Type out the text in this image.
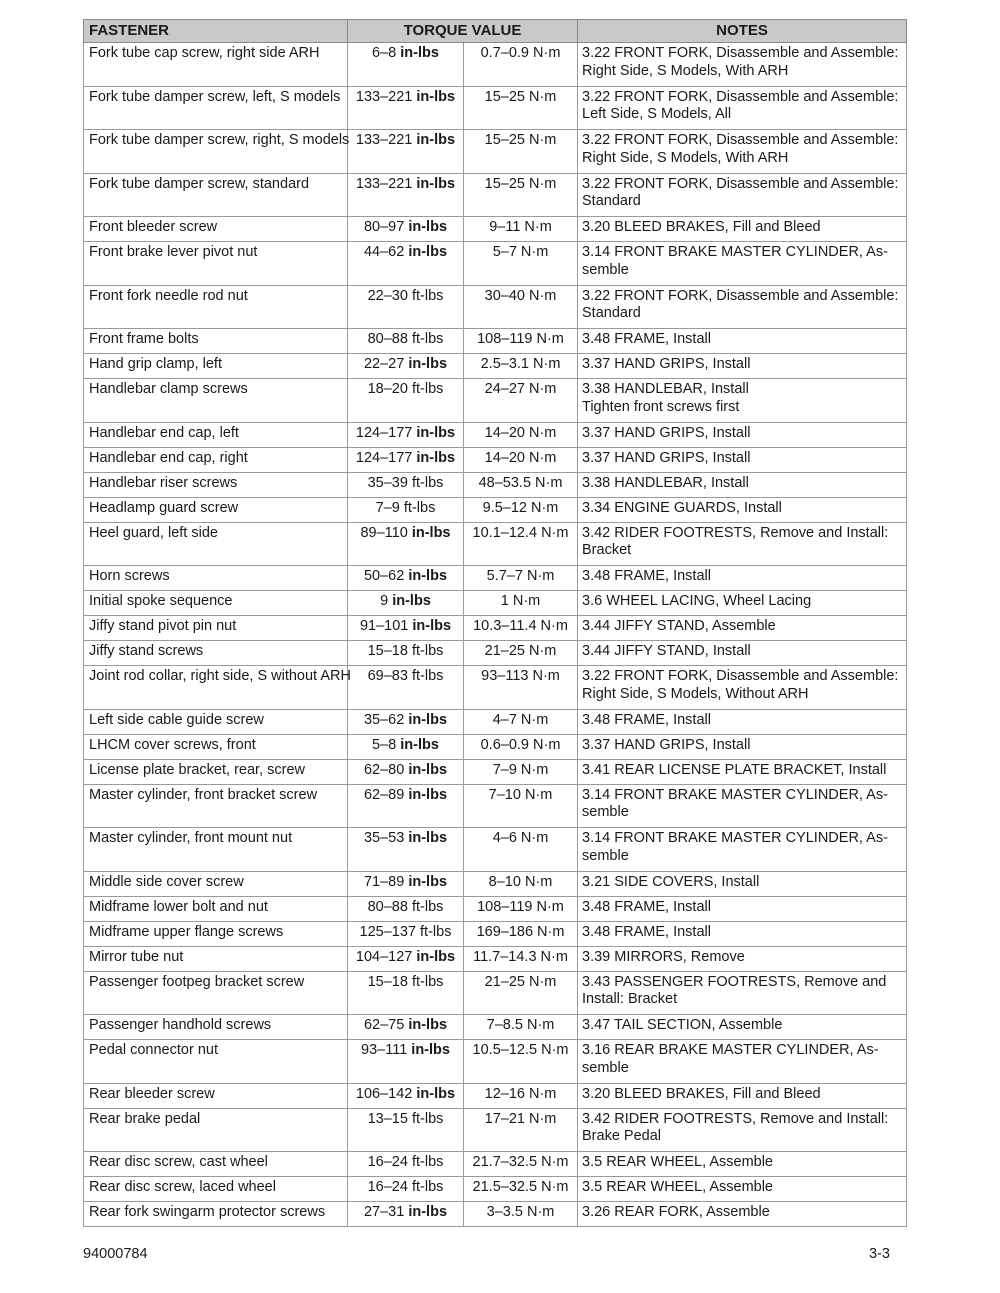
FASTENER	TORQUE VALUE		NOTES
Fork tube cap screw, right side ARH	6–8 in-lbs	0.7–0.9 N·m	3.22 FRONT FORK, Disassemble and Assemble:
Right Side, S Models, With ARH

Fork tube damper screw, left, S models	133–221 in-lbs	15–25 N·m	3.22 FRONT FORK, Disassemble and Assemble:
Left Side, S Models, All

Fork tube damper screw, right, S models	133–221 in-lbs	15–25 N·m	3.22 FRONT FORK, Disassemble and Assemble:
Right Side, S Models, With ARH

Fork tube damper screw, standard	133–221 in-lbs	15–25 N·m	3.22 FRONT FORK, Disassemble and Assemble:
Standard

Front bleeder screw	80–97 in-lbs	9–11 N·m	3.20 BLEED BRAKES, Fill and Bleed

Front brake lever pivot nut	44–62 in-lbs	5–7 N·m	3.14 FRONT BRAKE MASTER CYLINDER, As-
semble

Front fork needle rod nut	22–30 ft-lbs	30–40 N·m	3.22 FRONT FORK, Disassemble and Assemble:
Standard

Front frame bolts	80–88 ft-lbs	108–119 N·m	3.48 FRAME, Install

Hand grip clamp, left	22–27 in-lbs	2.5–3.1 N·m	3.37 HAND GRIPS, Install

Handlebar clamp screws	18–20 ft-lbs	24–27 N·m	3.38 HANDLEBAR, Install
Tighten front screws first

Handlebar end cap, left	124–177 in-lbs	14–20 N·m	3.37 HAND GRIPS, Install

Handlebar end cap, right	124–177 in-lbs	14–20 N·m	3.37 HAND GRIPS, Install

Handlebar riser screws	35–39 ft-lbs	48–53.5 N·m	3.38 HANDLEBAR, Install

Headlamp guard screw	7–9 ft-lbs	9.5–12 N·m	3.34 ENGINE GUARDS, Install

Heel guard, left side	89–110 in-lbs	10.1–12.4 N·m	3.42 RIDER FOOTRESTS, Remove and Install:
Bracket

Horn screws	50–62 in-lbs	5.7–7 N·m	3.48 FRAME, Install

Initial spoke sequence	9 in-lbs	1 N·m	3.6 WHEEL LACING, Wheel Lacing

Jiffy stand pivot pin nut	91–101 in-lbs	10.3–11.4 N·m	3.44 JIFFY STAND, Assemble

Jiffy stand screws	15–18 ft-lbs	21–25 N·m	3.44 JIFFY STAND, Install

Joint rod collar, right side, S without ARH	69–83 ft-lbs	93–113 N·m	3.22 FRONT FORK, Disassemble and Assemble:
Right Side, S Models, Without ARH

Left side cable guide screw	35–62 in-lbs	4–7 N·m	3.48 FRAME, Install

LHCM cover screws, front	5–8 in-lbs	0.6–0.9 N·m	3.37 HAND GRIPS, Install

License plate bracket, rear, screw	62–80 in-lbs	7–9 N·m	3.41 REAR LICENSE PLATE BRACKET, Install

Master cylinder, front bracket screw	62–89 in-lbs	7–10 N·m	3.14 FRONT BRAKE MASTER CYLINDER, As-
semble

Master cylinder, front mount nut	35–53 in-lbs	4–6 N·m	3.14 FRONT BRAKE MASTER CYLINDER, As-
semble

Middle side cover screw	71–89 in-lbs	8–10 N·m	3.21 SIDE COVERS, Install

Midframe lower bolt and nut	80–88 ft-lbs	108–119 N·m	3.48 FRAME, Install

Midframe upper flange screws	125–137 ft-lbs	169–186 N·m	3.48 FRAME, Install

Mirror tube nut	104–127 in-lbs	11.7–14.3 N·m	3.39 MIRRORS, Remove

Passenger footpeg bracket screw	15–18 ft-lbs	21–25 N·m	3.43 PASSENGER FOOTRESTS, Remove and
Install: Bracket

Passenger handhold screws	62–75 in-lbs	7–8.5 N·m	3.47 TAIL SECTION, Assemble

Pedal connector nut	93–111 in-lbs	10.5–12.5 N·m	3.16 REAR BRAKE MASTER CYLINDER, As-
semble

Rear bleeder screw	106–142 in-lbs	12–16 N·m	3.20 BLEED BRAKES, Fill and Bleed

Rear brake pedal	13–15 ft-lbs	17–21 N·m	3.42 RIDER FOOTRESTS, Remove and Install:
Brake Pedal

Rear disc screw, cast wheel	16–24 ft-lbs	21.7–32.5 N·m	3.5 REAR WHEEL, Assemble

Rear disc screw, laced wheel	16–24 ft-lbs	21.5–32.5 N·m	3.5 REAR WHEEL, Assemble

Rear fork swingarm protector screws	27–31 in-lbs	3–3.5 N·m	3.26 REAR FORK, Assemble
94000784	3-3
